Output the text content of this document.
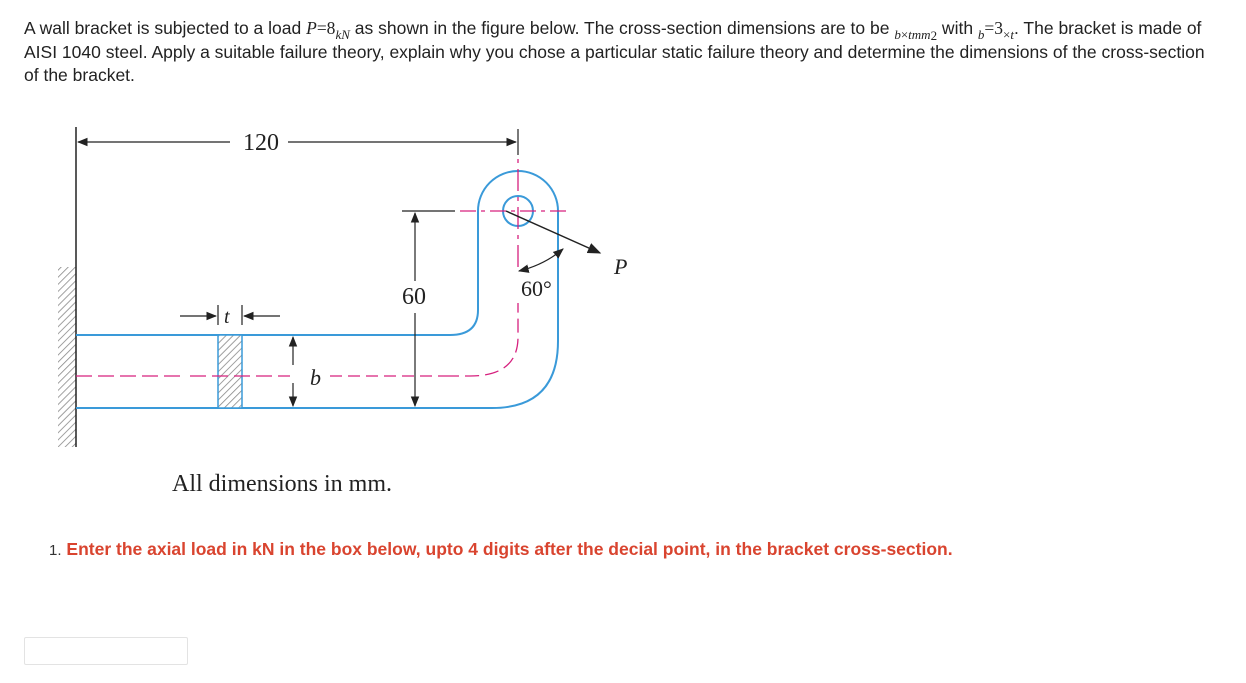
A wall bracket is subjected to a load $P=8_{kN}$ as shown in the figure below. The cross-section dimensions are to be $_{b\times tmm2}$ with $_b=3_{\times t}$. The bracket is made of AISI 1040 steel. Apply a suitable failure theory, explain why you chose a particular static failure theory and determine the dimensions of the cross-section of the bracket.
120
60
t
b
P
60°
All dimensions in mm.
1. Enter the axial load in kN in the box below, upto 4 digits after the decial point, in the bracket cross-section.
